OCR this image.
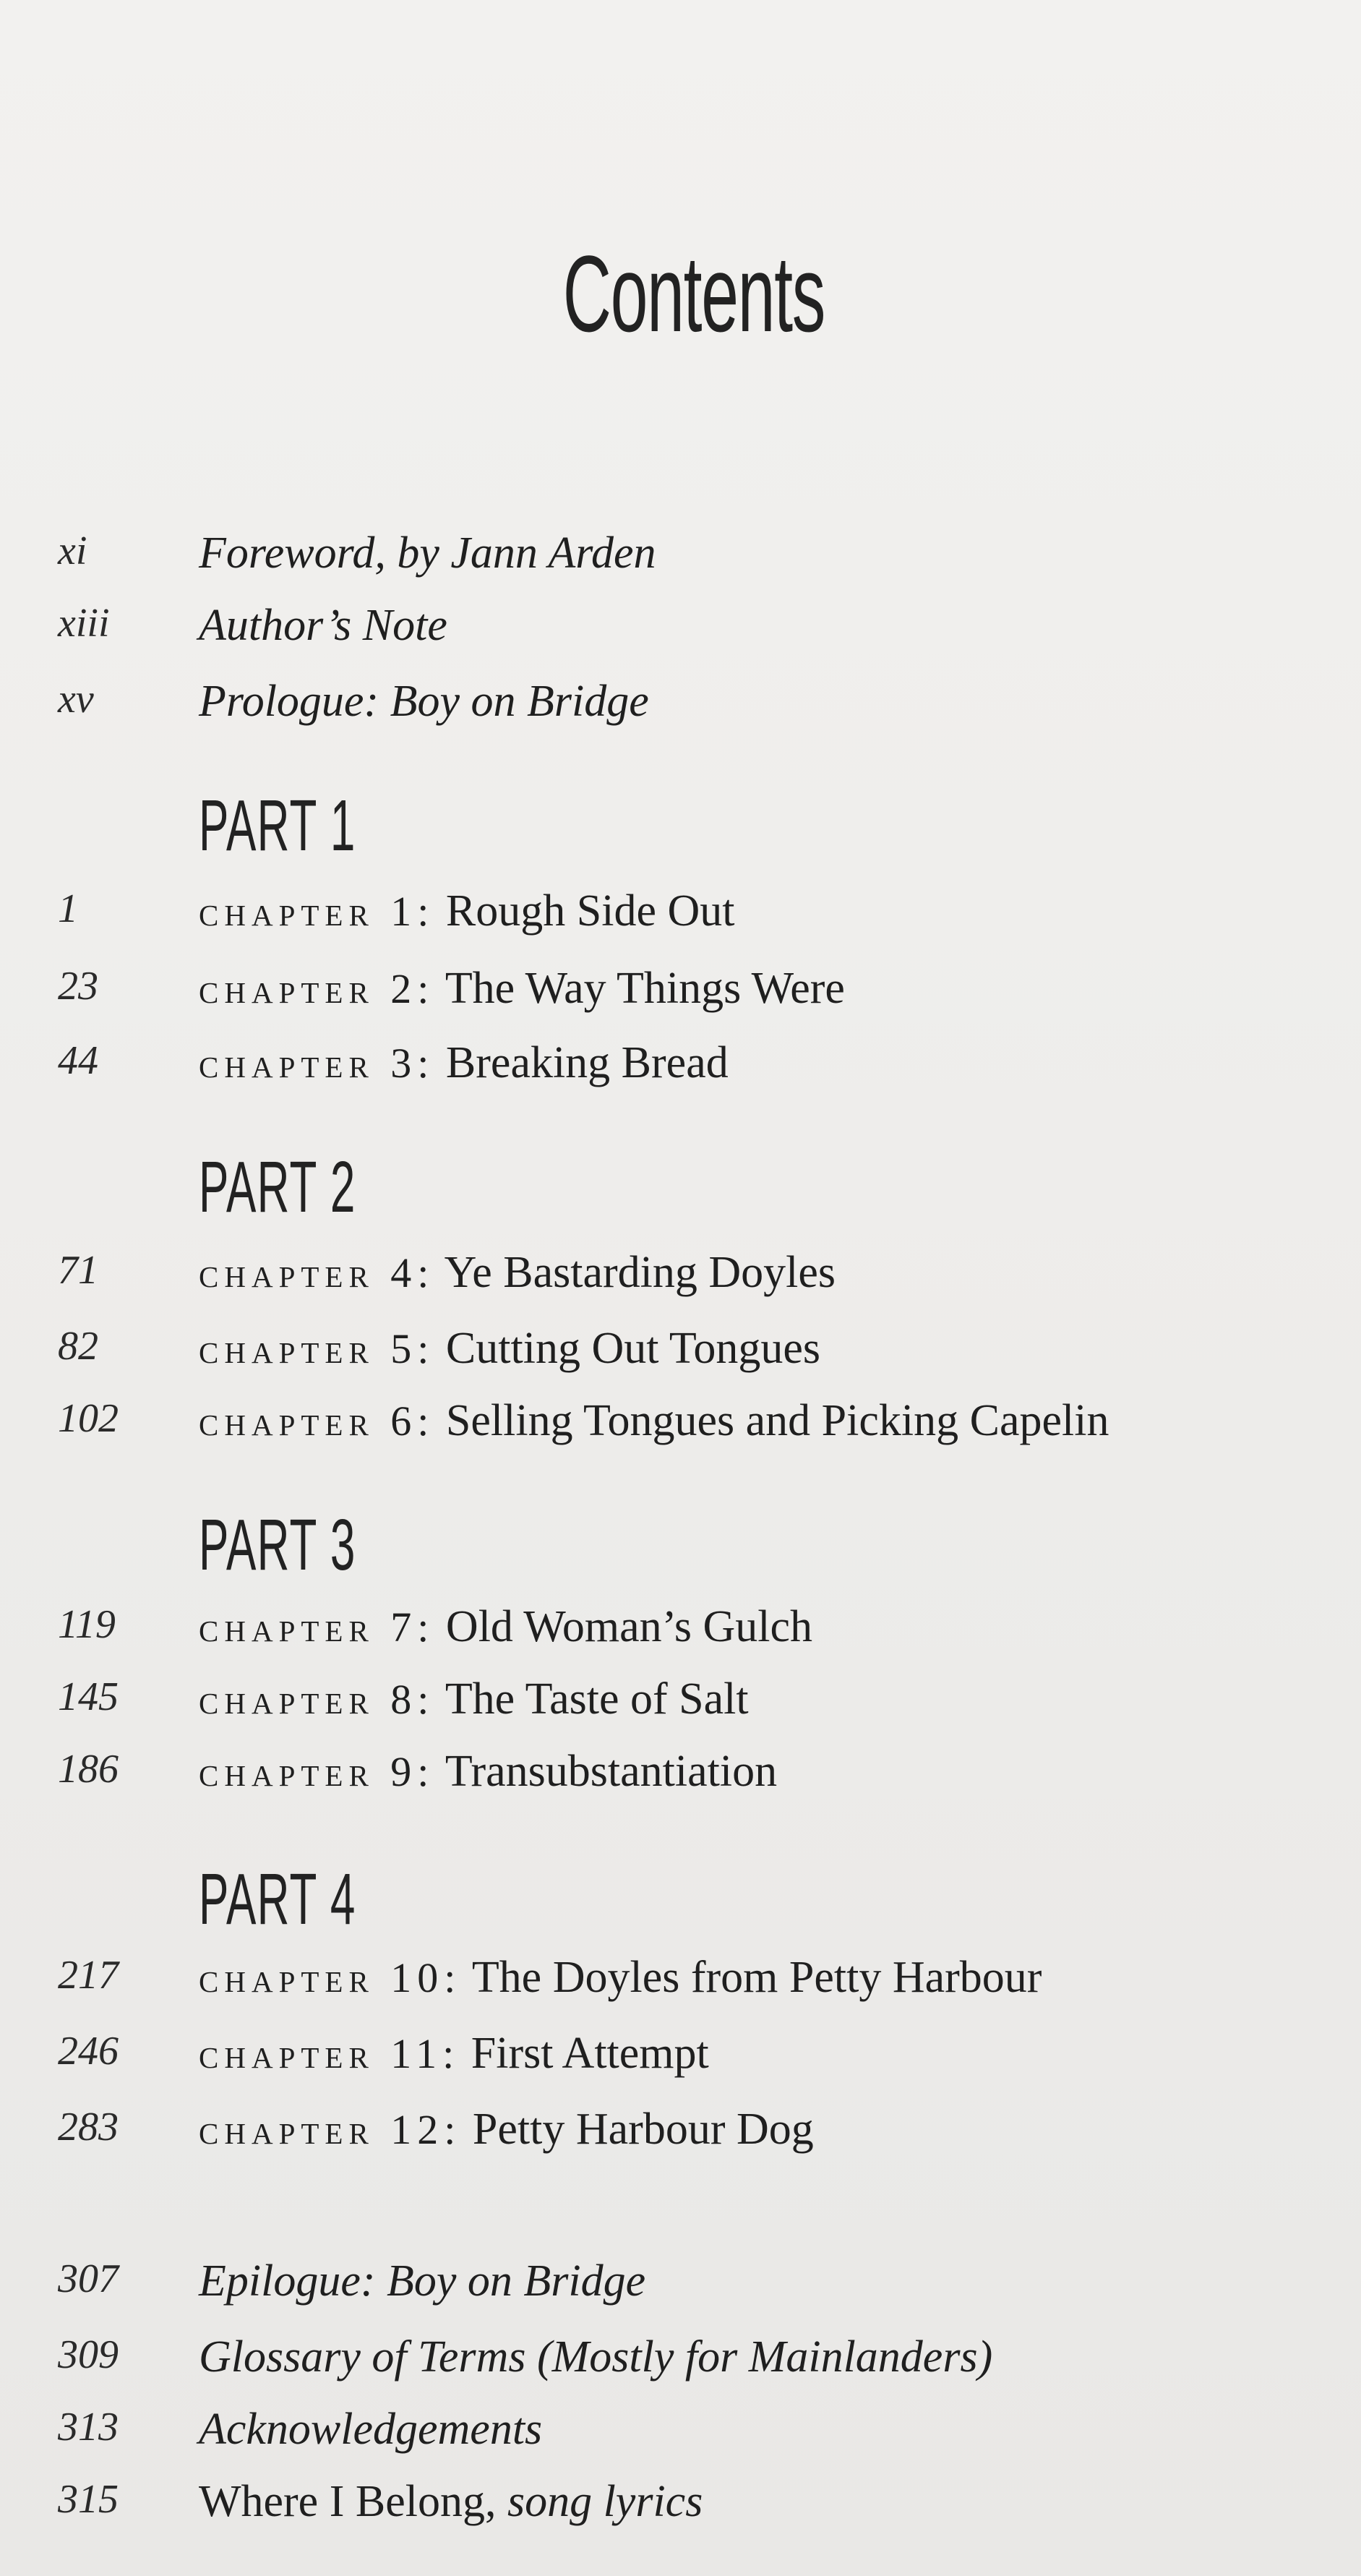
Contents
xi Foreword, by Jann Arden
xiii Author’s Note
xv Prologue: Boy on Bridge
PART 1
1	chapter 1: Rough Side Out
23 chapter 2: The Way Things Were
44 chapter 3: Breaking Bread
PART 2
71 chapter 4: Ye Bastarding Doyles
82 chapter 5: Cutting Out Tongues
102 chapter 6: Selling Tongues and Picking Capelin
PART 3
119 chapter 7: Old Woman’s Gulch
145 chapter 8: The Taste of Salt
186 chapter 9: Transubstantiation
PART 4
217 chapter 10: The Doyles from Petty Harbour
246 chapter 11: First Attempt
283 chapter 12: Petty Harbour Dog
307 Epilogue: Boy on Bridge
309 Glossary of Terms (Mostly for Mainlanders)
313 Acknowledgements
315 Where I Belong, song lyrics
